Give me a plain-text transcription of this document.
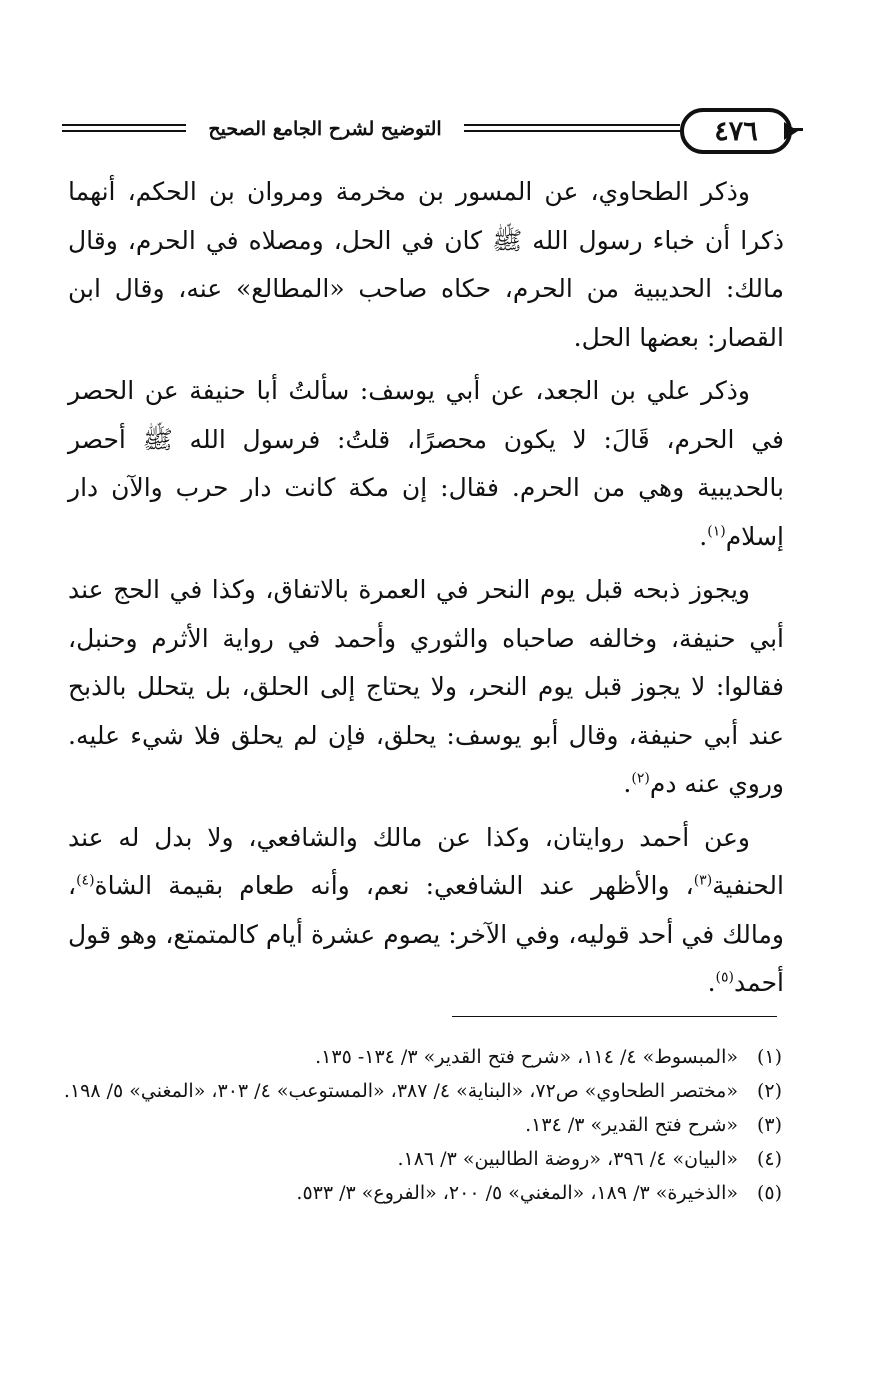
٤٧٦
التوضيح لشرح الجامع الصحيح

وذكر الطحاوي، عن المسور بن مخرمة ومروان بن الحكم، أنهما ذكرا أن خباء رسول الله ﷺ كان في الحل، ومصلاه في الحرم، وقال مالك: الحديبية من الحرم، حكاه صاحب «المطالع» عنه، وقال ابن القصار: بعضها الحل.

وذكر علي بن الجعد، عن أبي يوسف: سألتُ أبا حنيفة عن الحصر في الحرم، قَالَ: لا يكون محصرًا، قلتُ: فرسول الله ﷺ أحصر بالحديبية وهي من الحرم. فقال: إن مكة كانت دار حرب والآن دار إسلام$^{(١)}$.

ويجوز ذبحه قبل يوم النحر في العمرة بالاتفاق، وكذا في الحج عند أبي حنيفة، وخالفه صاحباه والثوري وأحمد في رواية الأثرم وحنبل، فقالوا: لا يجوز قبل يوم النحر، ولا يحتاج إلى الحلق، بل يتحلل بالذبح عند أبي حنيفة، وقال أبو يوسف: يحلق، فإن لم يحلق فلا شيء عليه. وروي عنه دم$^{(٢)}$.

وعن أحمد روايتان، وكذا عن مالك والشافعي، ولا بدل له عند الحنفية$^{(٣)}$، والأظهر عند الشافعي: نعم، وأنه طعام بقيمة الشاة$^{(٤)}$، ومالك في أحد قوليه، وفي الآخر: يصوم عشرة أيام كالمتمتع، وهو قول أحمد$^{(٥)}$.

(١)
«المبسوط» ٤/ ١١٤، «شرح فتح القدير» ٣/ ١٣٤- ١٣٥.
(٢)
«مختصر الطحاوي» ص٧٢، «البناية» ٤/ ٣٨٧، «المستوعب» ٤/ ٣٠٣، «المغني» ٥/ ١٩٨.
(٣)
«شرح فتح القدير» ٣/ ١٣٤.
(٤)
«البيان» ٤/ ٣٩٦، «روضة الطالبين» ٣/ ١٨٦.
(٥)
«الذخيرة» ٣/ ١٨٩، «المغني» ٥/ ٢٠٠، «الفروع» ٣/ ٥٣٣.
